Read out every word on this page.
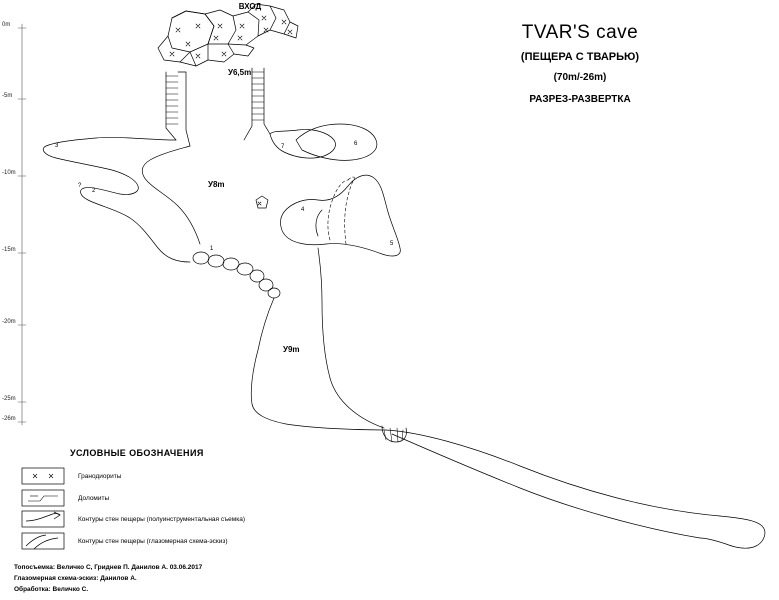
TVAR'S cave
(ПЕЩЕРА С ТВАРЬЮ)
(70m/-26m)
РАЗРЕЗ-РАЗВЕРТКА
ВХОД
0m
-5m
-10m
-15m
-20m
-25m
-26m
У6,5m
У8m
У9m
3
2
?
7	6
4
5
1
УСЛОВНЫЕ ОБОЗНАЧЕНИЯ
Гранодиориты
Доломиты
Контуры стен пещеры (полуинструментальная съемка)
Контуры стен пещеры (глазомерная схема-эскиз)
Топосъемка: Величко С, Гриднев П. Данилов А. 03.06.2017
Глазомерная схема-эскиз: Данилов А.
Обработка: Величко С.
